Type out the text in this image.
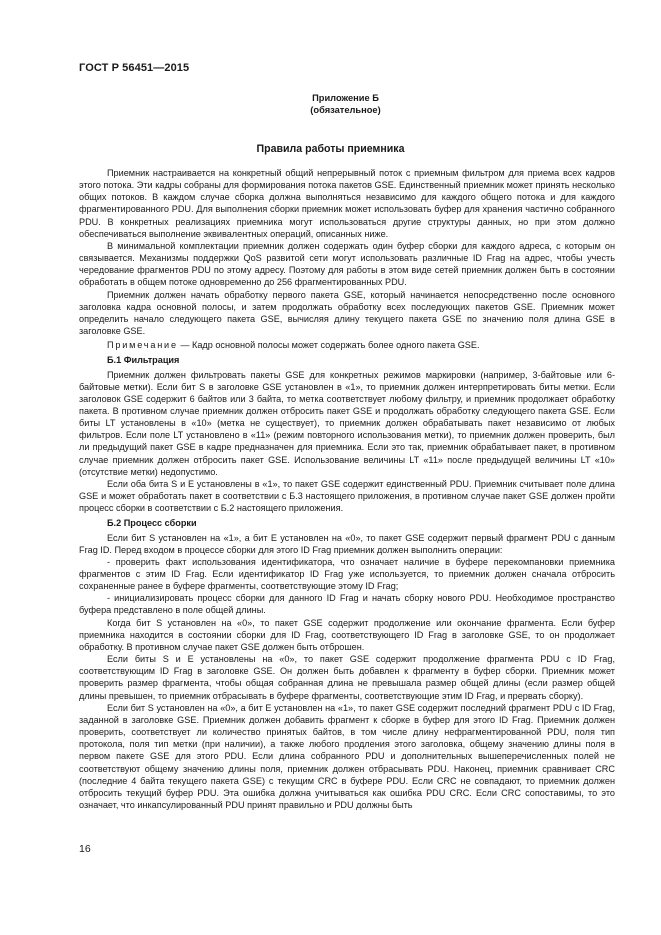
ГОСТ Р 56451—2015
Приложение Б
(обязательное)
Правила работы приемника

Приемник настраивается на конкретный общий непрерывный поток с приемным фильтром для приема всех кадров этого потока. Эти кадры собраны для формирования потока пакетов GSE. Единственный приемник может принять несколько общих потоков. В каждом случае сборка должна выполняться независимо для каждого общего потока и для каждого фрагментированного PDU. Для выполнения сборки приемник может использовать буфер для хранения частично собранного PDU. В конкретных реализациях приемника могут использоваться другие структуры данных, но при этом должно обеспечиваться выполнение эквивалентных операций, описанных ниже.

В минимальной комплектации приемник должен содержать один буфер сборки для каждого адреса, с которым он связывается. Механизмы поддержки QoS развитой сети могут использовать различные ID Frag на адрес, чтобы учесть чередование фрагментов PDU по этому адресу. Поэтому для работы в этом виде сетей приемник должен быть в состоянии обработать в общем потоке одновременно до 256 фрагментированных PDU.

Приемник должен начать обработку первого пакета GSE, который начинается непосредственно после основного заголовка кадра основной полосы, и затем продолжать обработку всех последующих пакетов GSE. Приемник может определить начало следующего пакета GSE, вычисляя длину текущего пакета GSE по значению поля длина GSE в заголовке GSE.

Примечание — Кадр основной полосы может содержать более одного пакета GSE.

Б.1 Фильтрация

Приемник должен фильтровать пакеты GSE для конкретных режимов маркировки (например, 3-байтовые или 6-байтовые метки). Если бит S в заголовке GSE установлен в «1», то приемник должен интерпретировать биты метки. Если заголовок GSE содержит 6 байтов или 3 байта, то метка соответствует любому фильтру, и приемник продолжает обработку пакета. В противном случае приемник должен отбросить пакет GSE и продолжать обработку следующего пакета GSE. Если биты LT установлены в «10» (метка не существует), то приемник должен обрабатывать пакет независимо от любых фильтров. Если поле LT установлено в «11» (режим повторного использования метки), то приемник должен проверить, был ли предыдущий пакет GSE в кадре предназначен для приемника. Если это так, приемник обрабатывает пакет, в противном случае приемник должен отбросить пакет GSE. Использование величины LT «11» после предыдущей величины LT «10» (отсутствие метки) недопустимо.

Если оба бита S и E установлены в «1», то пакет GSE содержит единственный PDU. Приемник считывает поле длина GSE и может обработать пакет в соответствии с Б.3 настоящего приложения, в противном случае пакет GSE должен пройти процесс сборки в соответствии с Б.2 настоящего приложения.

Б.2 Процесс сборки

Если бит S установлен на «1», а бит E установлен на «0», то пакет GSE содержит первый фрагмент PDU с данным Frag ID. Перед входом в процессе сборки для этого ID Frag приемник должен выполнить операции:

- проверить факт использования идентификатора, что означает наличие в буфере перекомпановки приемника фрагментов с этим ID Frag. Если идентификатор ID Frag уже используется, то приемник должен сначала отбросить сохраненные ранее в буфере фрагменты, соответствующие этому ID Frag;

- инициализировать процесс сборки для данного ID Frag и начать сборку нового PDU. Необходимое пространство буфера представлено в поле общей длины.

Когда бит S установлен на «0», то пакет GSE содержит продолжение или окончание фрагмента. Если буфер приемника находится в состоянии сборки для ID Frag, соответствующего ID Frag в заголовке GSE, то он продолжает обработку. В противном случае пакет GSE должен быть отброшен.

Если биты S и E установлены на «0», то пакет GSE содержит продолжение фрагмента PDU с ID Frag, соответствующим ID Frag в заголовке GSE. Он должен быть добавлен к фрагменту в буфер сборки. Приемник может проверить размер фрагмента, чтобы общая собранная длина не превышала размер общей длины (если размер общей длины превышен, то приемник отбрасывать в буфере фрагменты, соответствующие этим ID Frag, и прервать сборку).

Если бит S установлен на «0», а бит E установлен на «1», то пакет GSE содержит последний фрагмент PDU с ID Frag, заданной в заголовке GSE. Приемник должен добавить фрагмент к сборке в буфер для этого ID Frag. Приемник должен проверить, соответствует ли количество принятых байтов, в том числе длину нефрагментированной PDU, поля тип протокола, поля тип метки (при наличии), а также любого продления этого заголовка, общему значению длины поля в первом пакете GSE для этого PDU. Если длина собранного PDU и дополнительных вышеперечисленных полей не соответствуют общему значению длины поля, приемник должен отбрасывать PDU. Наконец, приемник сравнивает CRC (последние 4 байта текущего пакета GSE) с текущим CRC в буфере PDU. Если CRC не совпадают, то приемник должен отбросить текущий буфер PDU. Эта ошибка должна учитываться как ошибка PDU CRC. Если CRC сопоставимы, то это означает, что инкапсулированный PDU принят правильно и PDU должны быть

16
